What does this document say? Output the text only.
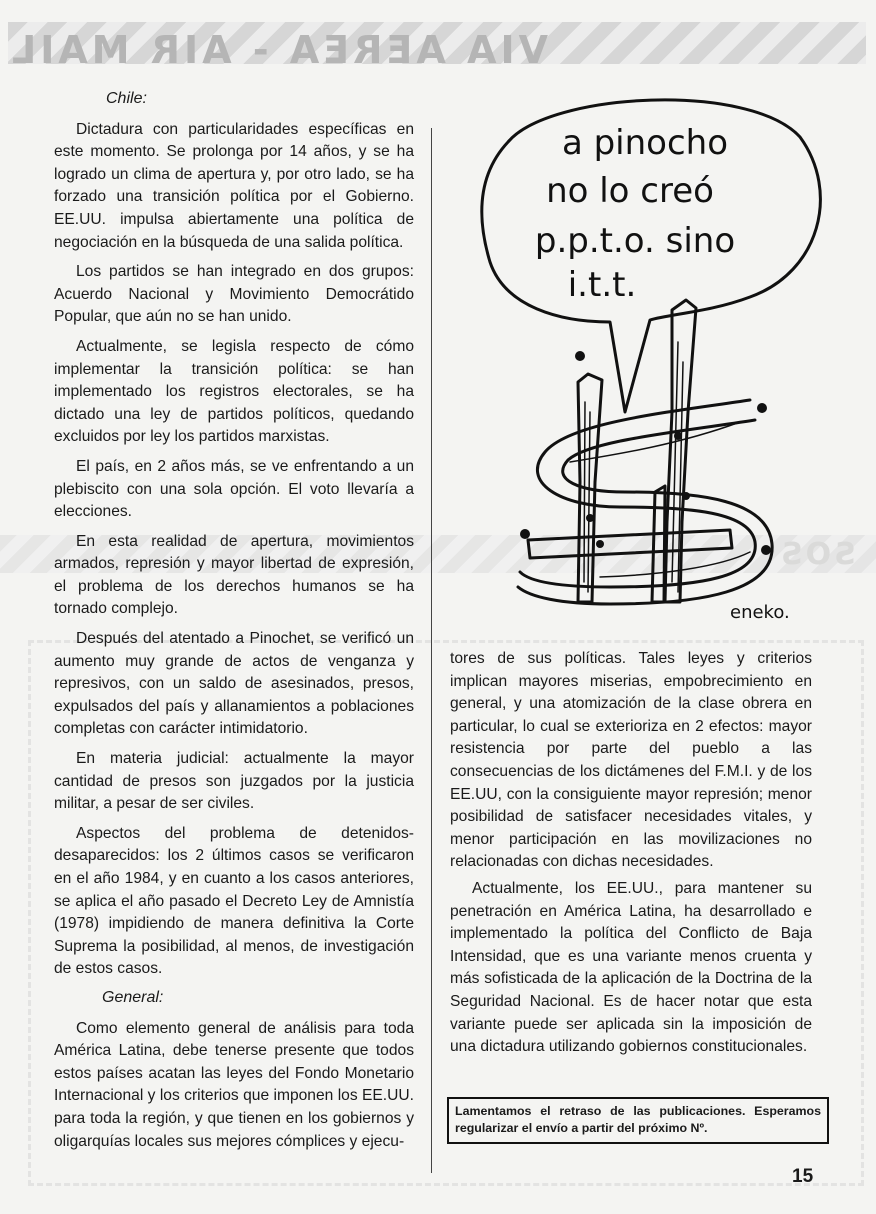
VIA AEREA - AIR MAIL
SOS

Chile:

Dictadura con particularidades específicas en este momento. Se prolonga por 14 años, y se ha logrado un clima de apertura y, por otro lado, se ha forzado una transición política por el Gobierno. EE.UU. impulsa abiertamente una política de negociación en la búsqueda de una salida política.

Los partidos se han integrado en dos grupos: Acuerdo Nacional y Movimiento Democrátido Popular, que aún no se han unido.

Actualmente, se legisla respecto de cómo implementar la transición política: se han implementado los registros electorales, se ha dictado una ley de partidos políticos, quedando excluidos por ley los partidos marxistas.

El país, en 2 años más, se ve enfrentando a un plebiscito con una sola opción. El voto llevaría a elecciones.

En esta realidad de apertura, movimientos armados, represión y mayor libertad de expresión, el problema de los derechos humanos se ha tornado complejo.

Después del atentado a Pinochet, se verificó un aumento muy grande de actos de venganza y represivos, con un saldo de asesinados, presos, expulsados del país y allanamientos a poblaciones completas con carácter intimidatorio.

En materia judicial: actualmente la mayor cantidad de presos son juzgados por la justicia militar, a pesar de ser civiles.

Aspectos del problema de detenidos-desaparecidos: los 2 últimos casos se verificaron en el año 1984, y en cuanto a los casos anteriores, se aplica el año pasado el Decreto Ley de Amnistía (1978) impidiendo de manera definitiva la Corte Suprema la posibilidad, al menos, de investigación de estos casos.

General:

Como elemento general de análisis para toda América Latina, debe tenerse presente que todos estos países acatan las leyes del Fondo Monetario Internacional y los criterios que imponen los EE.UU. para toda la región, y que tienen en los gobiernos y oligarquías locales sus mejores cómplices y ejecu-

a pinocho
no lo creó
p.p.t.o. sino
i.t.t.
eneko.

tores de sus políticas. Tales leyes y criterios implican mayores miserias, empobrecimiento en general, y una atomización de la clase obrera en particular, lo cual se exterioriza en 2 efectos: mayor resistencia por parte del pueblo a las consecuencias de los dictámenes del F.M.I. y de los EE.UU, con la consiguiente mayor represión; menor posibilidad de satisfacer necesidades vitales, y menor participación en las movilizaciones no relacionadas con dichas necesidades.

Actualmente, los EE.UU., para mantener su penetración en América Latina, ha desarrollado e implementado la política del Conflicto de Baja Intensidad, que es una variante menos cruenta y más sofisticada de la aplicación de la Doctrina de la Seguridad Nacional. Es de hacer notar que esta variante puede ser aplicada sin la imposición de una dictadura utilizando gobiernos constitucionales.

Lamentamos el retraso de las publicaciones. Esperamos regularizar el envío a partir del próximo Nº.
15
